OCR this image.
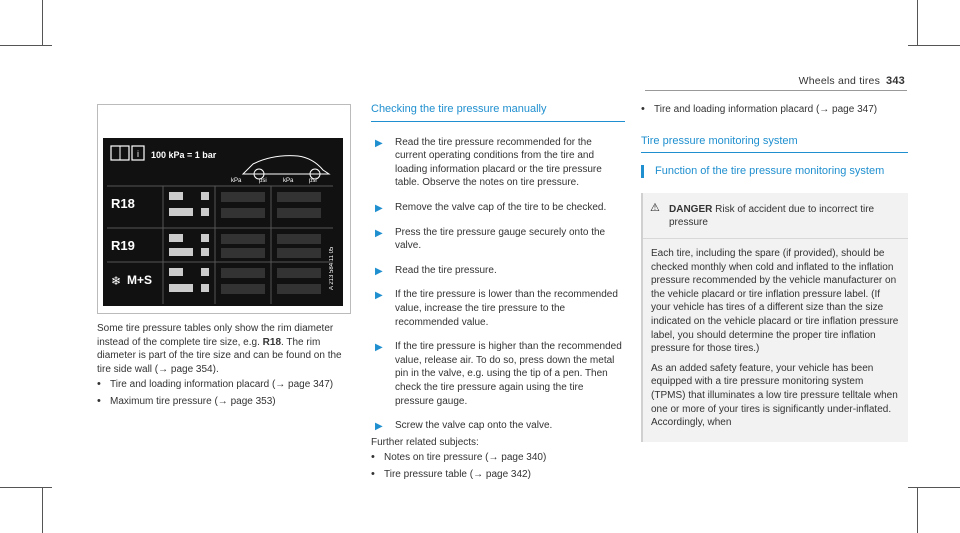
Wheels and tires 343
i 100 kPa = 1 bar
kPa	psi	kPa	psi
R18
R19
M+S
❄	A 213 584 11 05

Some tire pressure tables only show the rim diameter instead of the complete tire size, e.g. R18. The rim diameter is part of the tire size and can be found on the tire side wall (→ page 354).

• Tire and loading information placard (→ page 347)
• Maximum tire pressure (→ page 353)
Checking the tire pressure manually
▶ Read the tire pressure recommended for the current operating conditions from the tire and loading information placard or the tire pressure table. Observe the notes on tire pressure.
▶ Remove the valve cap of the tire to be checked.
▶ Press the tire pressure gauge securely onto the valve.
▶ Read the tire pressure.
▶ If the tire pressure is lower than the recommended value, increase the tire pressure to the recommended value.
▶ If the tire pressure is higher than the recommended value, release air. To do so, press down the metal pin in the valve, e.g. using the tip of a pen. Then check the tire pressure again using the tire pressure gauge.
▶ Screw the valve cap onto the valve.

Further related subjects:

• Notes on tire pressure (→ page 340)
• Tire pressure table (→ page 342)
• Tire and loading information placard (→ page 347)
Tire pressure monitoring system
Function of the tire pressure monitoring system
⚠ DANGER Risk of accident due to incorrect tire pressure

Each tire, including the spare (if provided), should be checked monthly when cold and inflated to the inflation pressure recommended by the vehicle manufacturer on the vehicle placard or tire inflation pressure label. (If your vehicle has tires of a different size than the size indicated on the vehicle placard or tire inflation pressure label, you should determine the proper tire inflation pressure for those tires.)

As an added safety feature, your vehicle has been equipped with a tire pressure monitoring system (TPMS) that illuminates a low tire pressure telltale when one or more of your tires is significantly under-inflated. Accordingly, when
